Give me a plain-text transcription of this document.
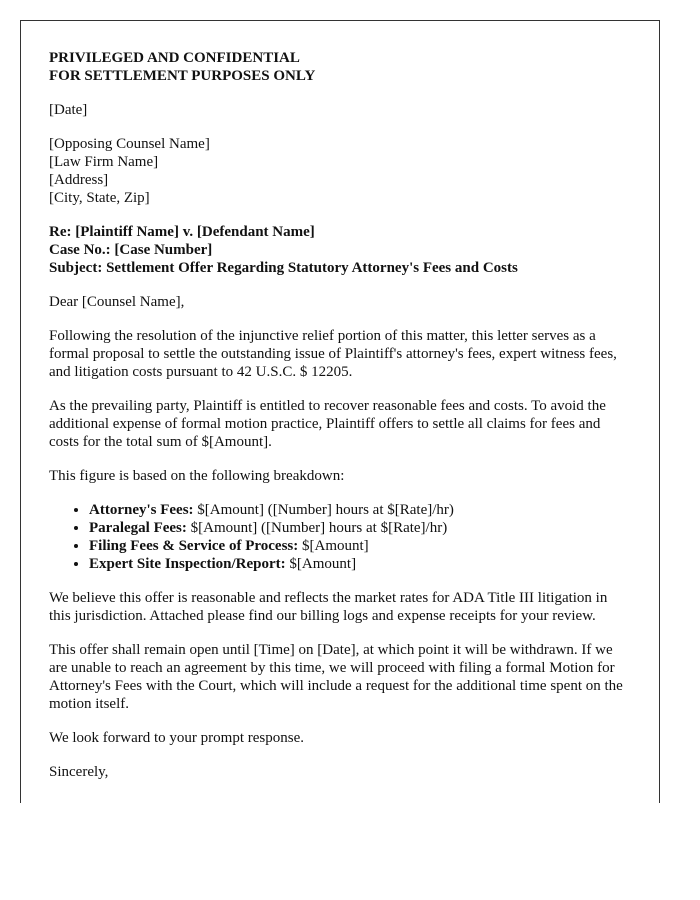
PRIVILEGED AND CONFIDENTIAL
FOR SETTLEMENT PURPOSES ONLY

[Date]

[Opposing Counsel Name]
[Law Firm Name]
[Address]
[City, State, Zip]

Re: [Plaintiff Name] v. [Defendant Name]
Case No.: [Case Number]
Subject: Settlement Offer Regarding Statutory Attorney's Fees and Costs

Dear [Counsel Name],

Following the resolution of the injunctive relief portion of this matter, this letter serves as a formal proposal to settle the outstanding issue of Plaintiff's attorney's fees, expert witness fees, and litigation costs pursuant to 42 U.S.C. $ 12205.

As the prevailing party, Plaintiff is entitled to recover reasonable fees and costs. To avoid the additional expense of formal motion practice, Plaintiff offers to settle all claims for fees and costs for the total sum of $[Amount].

This figure is based on the following breakdown:

• Attorney's Fees: $[Amount] ([Number] hours at $[Rate]/hr)
• Paralegal Fees: $[Amount] ([Number] hours at $[Rate]/hr)
• Filing Fees & Service of Process: $[Amount]
• Expert Site Inspection/Report: $[Amount]

We believe this offer is reasonable and reflects the market rates for ADA Title III litigation in this jurisdiction. Attached please find our billing logs and expense receipts for your review.

This offer shall remain open until [Time] on [Date], at which point it will be withdrawn. If we are unable to reach an agreement by this time, we will proceed with filing a formal Motion for Attorney's Fees with the Court, which will include a request for the additional time spent on the motion itself.

We look forward to your prompt response.

Sincerely,
